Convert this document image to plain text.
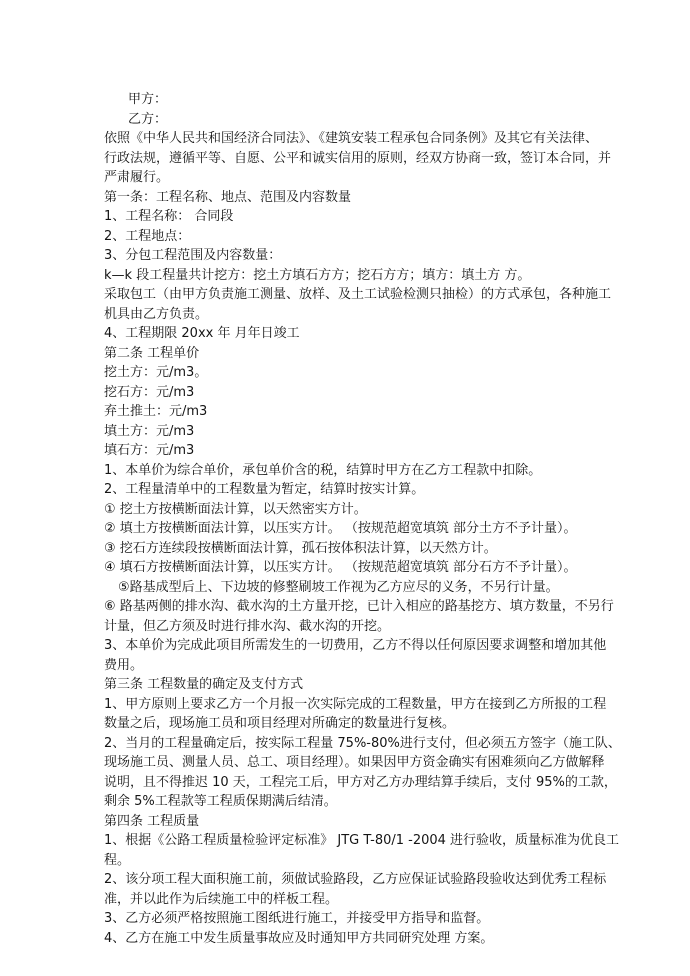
甲方：
乙方：
依照《中华人民共和国经济合同法》、《建筑安装工程承包合同条例》及其它有关法律、
行政法规，遵循平等、自愿、公平和诚实信用的原则，经双方协商一致，签订本合同，并
严肃履行。
第一条：工程名称、地点、范围及内容数量
1、工程名称： 合同段
2、工程地点：
3、分包工程范围及内容数量：
k—k 段工程量共计挖方：挖土方填石方方；挖石方方；填方：填土方 方。
采取包工（由甲方负责施工测量、放样、及土工试验检测只抽检）的方式承包，各种施工
机具由乙方负责。
4、工程期限 20xx 年 月年日竣工
第二条 工程单价
挖土方：元/m3。
挖石方：元/m3
弃土推土：元/m3
填土方：元/m3
填石方：元/m3
1、本单价为综合单价，承包单价含的税，结算时甲方在乙方工程款中扣除。
2、工程量清单中的工程数量为暂定，结算时按实计算。
① 挖土方按横断面法计算，以天然密实方计。
② 填土方按横断面法计算，以压实方计。 （按规范超宽填筑 部分土方不予计量）。
③ 挖石方连续段按横断面法计算，孤石按体积法计算，以天然方计。
④ 填石方按横断面法计算，以压实方计。 （按规范超宽填筑 部分石方不予计量）。
⑤路基成型后上、下边坡的修整刷坡工作视为乙方应尽的义务，不另行计量。
⑥ 路基两侧的排水沟、截水沟的土方量开挖，已计入相应的路基挖方、填方数量，不另行
计量，但乙方须及时进行排水沟、截水沟的开挖。
3、本单价为完成此项目所需发生的一切费用，乙方不得以任何原因要求调整和增加其他
费用。
第三条 工程数量的确定及支付方式
1、甲方原则上要求乙方一个月报一次实际完成的工程数量，甲方在接到乙方所报的工程
数量之后，现场施工员和项目经理对所确定的数量进行复核。
2、当月的工程量确定后，按实际工程量 75%-80%进行支付，但必须五方签字（施工队、
现场施工员、测量人员、总工、项目经理）。如果因甲方资金确实有困难须向乙方做解释
说明，且不得推迟 10 天，工程完工后，甲方对乙方办理结算手续后，支付 95%的工款，
剩余 5%工程款等工程质保期满后结清。
第四条 工程质量
1、根据《公路工程质量检验评定标准》 JTG T-80/1 -2004 进行验收，质量标准为优良工
程。
2、该分项工程大面积施工前，须做试验路段，乙方应保证试验路段验收达到优秀工程标
准，并以此作为后续施工中的样板工程。
3、乙方必须严格按照施工图纸进行施工，并接受甲方指导和监督。
4、乙方在施工中发生质量事故应及时通知甲方共同研究处理 方案。
